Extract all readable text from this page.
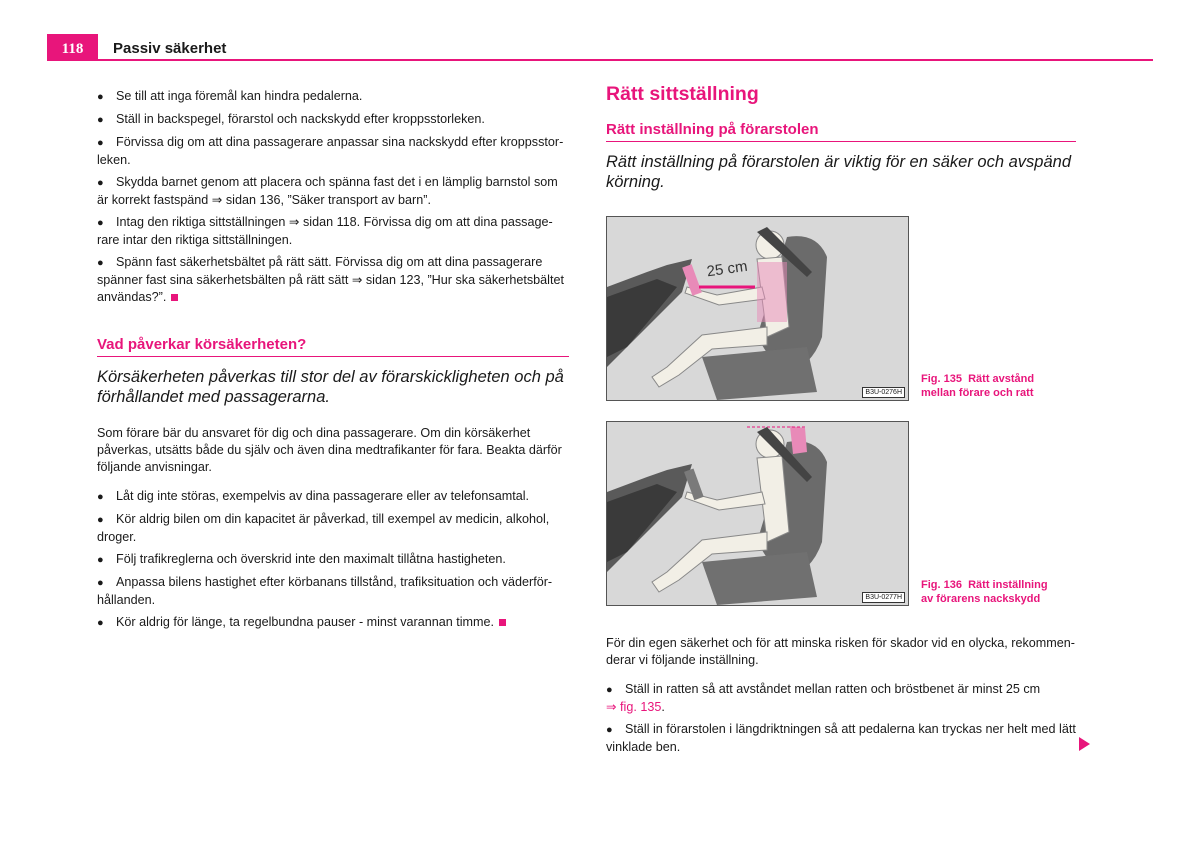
118	Passiv säkerhet
● Se till att inga föremål kan hindra pedalerna.
● Ställ in backspegel, förarstol och nackskydd efter kroppsstorleken.
● Förvissa dig om att dina passagerare anpassar sina nackskydd efter kroppsstor-leken.
● Skydda barnet genom att placera och spänna fast det i en lämplig barnstol som är korrekt fastspänd ⇒ sidan 136, ”Säker transport av barn”.
● Intag den riktiga sittställningen ⇒ sidan 118. Förvissa dig om att dina passage-rare intar den riktiga sittställningen.
● Spänn fast säkerhetsbältet på rätt sätt. Förvissa dig om att dina passagerare spänner fast sina säkerhetsbälten på rätt sätt ⇒ sidan 123, ”Hur ska säkerhetsbältet användas?”.
Vad påverkar körsäkerheten?
Körsäkerheten påverkas till stor del av förarskickligheten och på förhållandet med passagerarna.

Som förare bär du ansvaret för dig och dina passagerare. Om din körsäkerhet påverkas, utsätts både du själv och även dina medtrafikanter för fara. Beakta därför följande anvisningar.

● Låt dig inte störas, exempelvis av dina passagerare eller av telefonsamtal.
● Kör aldrig bilen om din kapacitet är påverkad, till exempel av medicin, alkohol, droger.
● Följ trafikreglerna och överskrid inte den maximalt tillåtna hastigheten.
● Anpassa bilens hastighet efter körbanans tillstånd, trafiksituation och väderför-hållanden.
● Kör aldrig för länge, ta regelbundna pauser - minst varannan timme.
Rätt sittställning
Rätt inställning på förarstolen
Rätt inställning på förarstolen är viktig för en säker och avspänd körning.
25 cm
B3U-0276H
Fig. 135 Rätt avstånd
mellan förare och ratt
B3U-0277H
Fig. 136 Rätt inställning
av förarens nackskydd

För din egen säkerhet och för att minska risken för skador vid en olycka, rekommen-derar vi följande inställning.

● Ställ in ratten så att avståndet mellan ratten och bröstbenet är minst 25 cm
⇒ fig. 135.
● Ställ in förarstolen i längdriktningen så att pedalerna kan tryckas ner helt med lätt vinklade ben.
